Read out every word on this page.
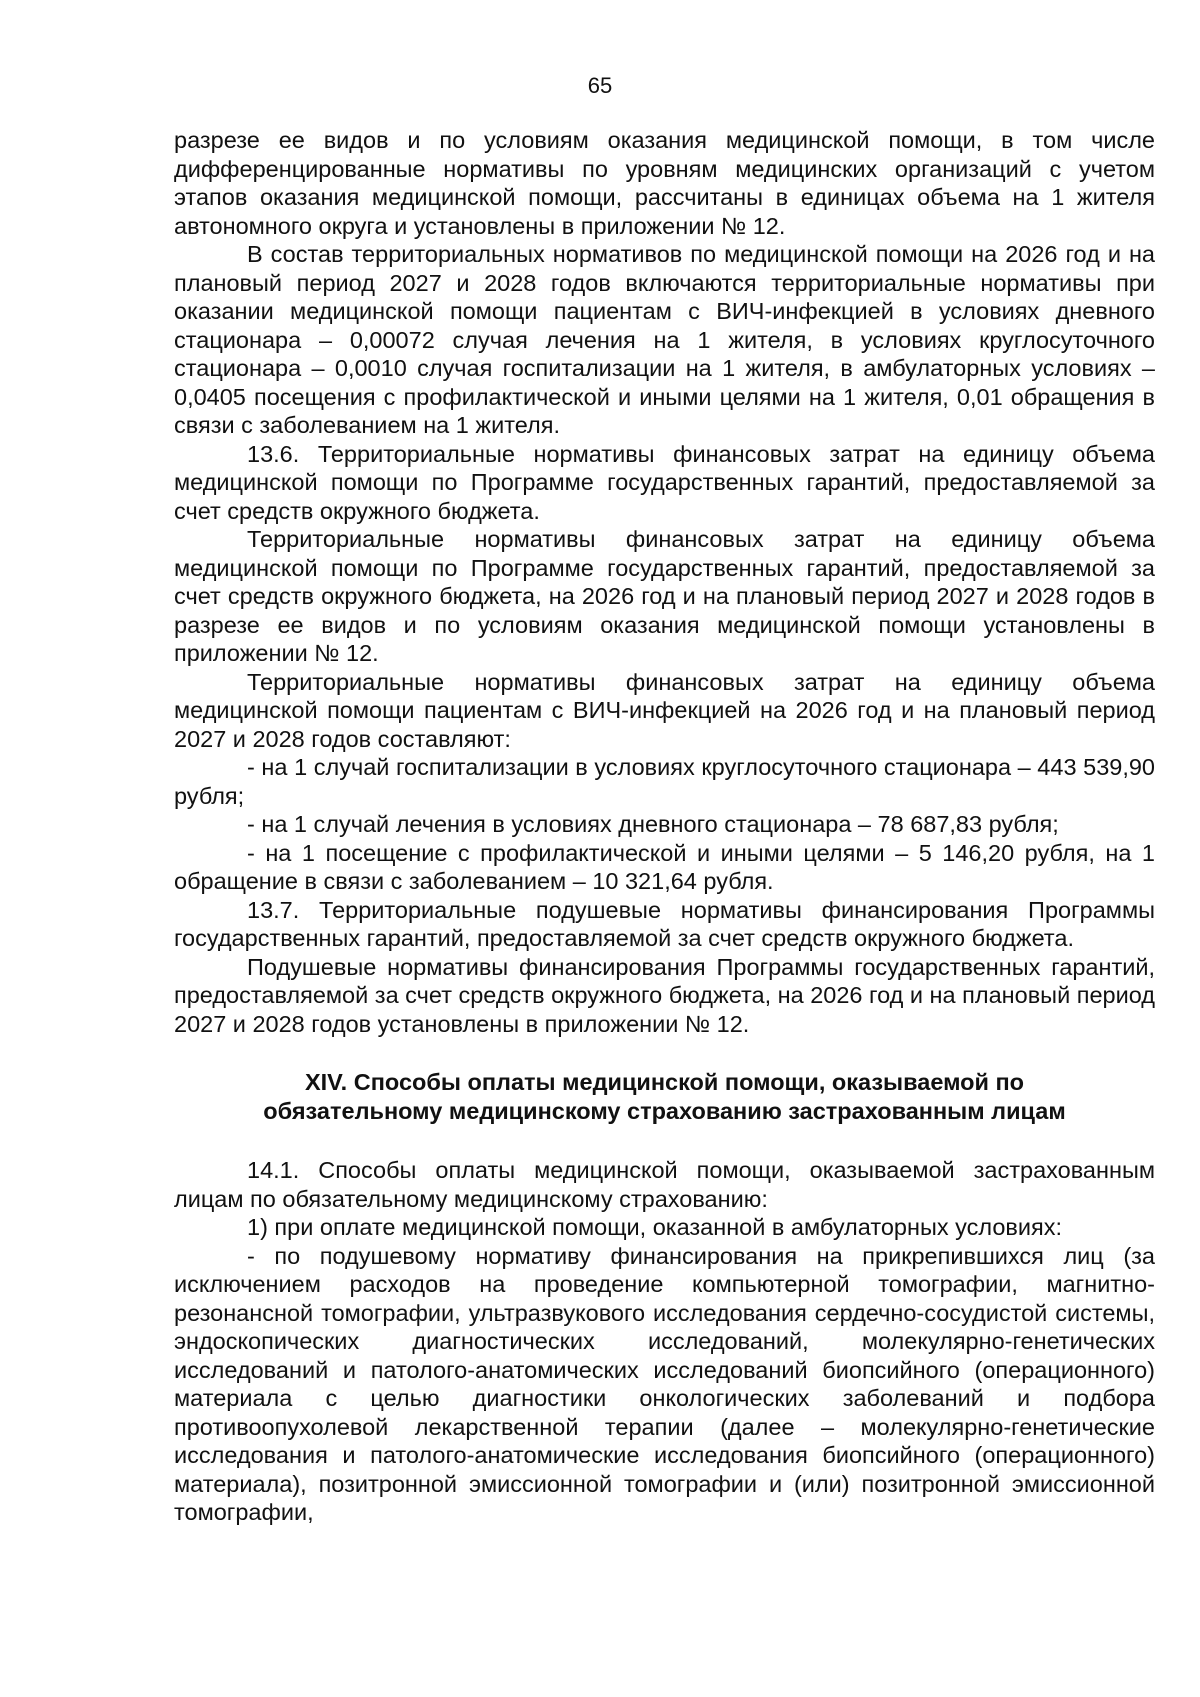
65

разрезе ее видов и по условиям оказания медицинской помощи, в том числе дифференцированные нормативы по уровням медицинских организаций с учетом этапов оказания медицинской помощи, рассчитаны в единицах объема на 1 жителя автономного округа и установлены в приложении № 12.

В состав территориальных нормативов по медицинской помощи на 2026 год и на плановый период 2027 и 2028 годов включаются территориальные нормативы при оказании медицинской помощи пациентам с ВИЧ-инфекцией в условиях дневного стационара – 0,00072 случая лечения на 1 жителя, в условиях круглосуточного стационара – 0,0010 случая госпитализации на 1 жителя, в амбулаторных условиях – 0,0405 посещения с профилактической и иными целями на 1 жителя, 0,01 обращения в связи с заболеванием на 1 жителя.

13.6. Территориальные нормативы финансовых затрат на единицу объема медицинской помощи по Программе государственных гарантий, предоставляемой за счет средств окружного бюджета.

Территориальные нормативы финансовых затрат на единицу объема медицинской помощи по Программе государственных гарантий, предоставляемой за счет средств окружного бюджета, на 2026 год и на плановый период 2027 и 2028 годов в разрезе ее видов и по условиям оказания медицинской помощи установлены в приложении № 12.

Территориальные нормативы финансовых затрат на единицу объема медицинской помощи пациентам с ВИЧ-инфекцией на 2026 год и на плановый период 2027 и 2028 годов составляют:

- на 1 случай госпитализации в условиях круглосуточного стационара – 443 539,90 рубля;

- на 1 случай лечения в условиях дневного стационара – 78 687,83 рубля;

- на 1 посещение с профилактической и иными целями – 5 146,20 рубля, на 1 обращение в связи с заболеванием – 10 321,64 рубля.

13.7. Территориальные подушевые нормативы финансирования Программы государственных гарантий, предоставляемой за счет средств окружного бюджета.

Подушевые нормативы финансирования Программы государственных гарантий, предоставляемой за счет средств окружного бюджета, на 2026 год и на плановый период 2027 и 2028 годов установлены в приложении № 12.

XIV. Способы оплаты медицинской помощи, оказываемой по
обязательному медицинскому страхованию застрахованным лицам

14.1. Способы оплаты медицинской помощи, оказываемой застрахованным лицам по обязательному медицинскому страхованию:

1) при оплате медицинской помощи, оказанной в амбулаторных условиях:

- по подушевому нормативу финансирования на прикрепившихся лиц (за исключением расходов на проведение компьютерной томографии, магнитно-резонансной томографии, ультразвукового исследования сердечно-сосудистой системы, эндоскопических диагностических исследований, молекулярно-генетических исследований и патолого-анатомических исследований биопсийного (операционного) материала с целью диагностики онкологических заболеваний и подбора противоопухолевой лекарственной терапии (далее – молекулярно-генетические исследования и патолого-анатомические исследования биопсийного (операционного) материала), позитронной эмиссионной томографии и (или) позитронной эмиссионной томографии,
